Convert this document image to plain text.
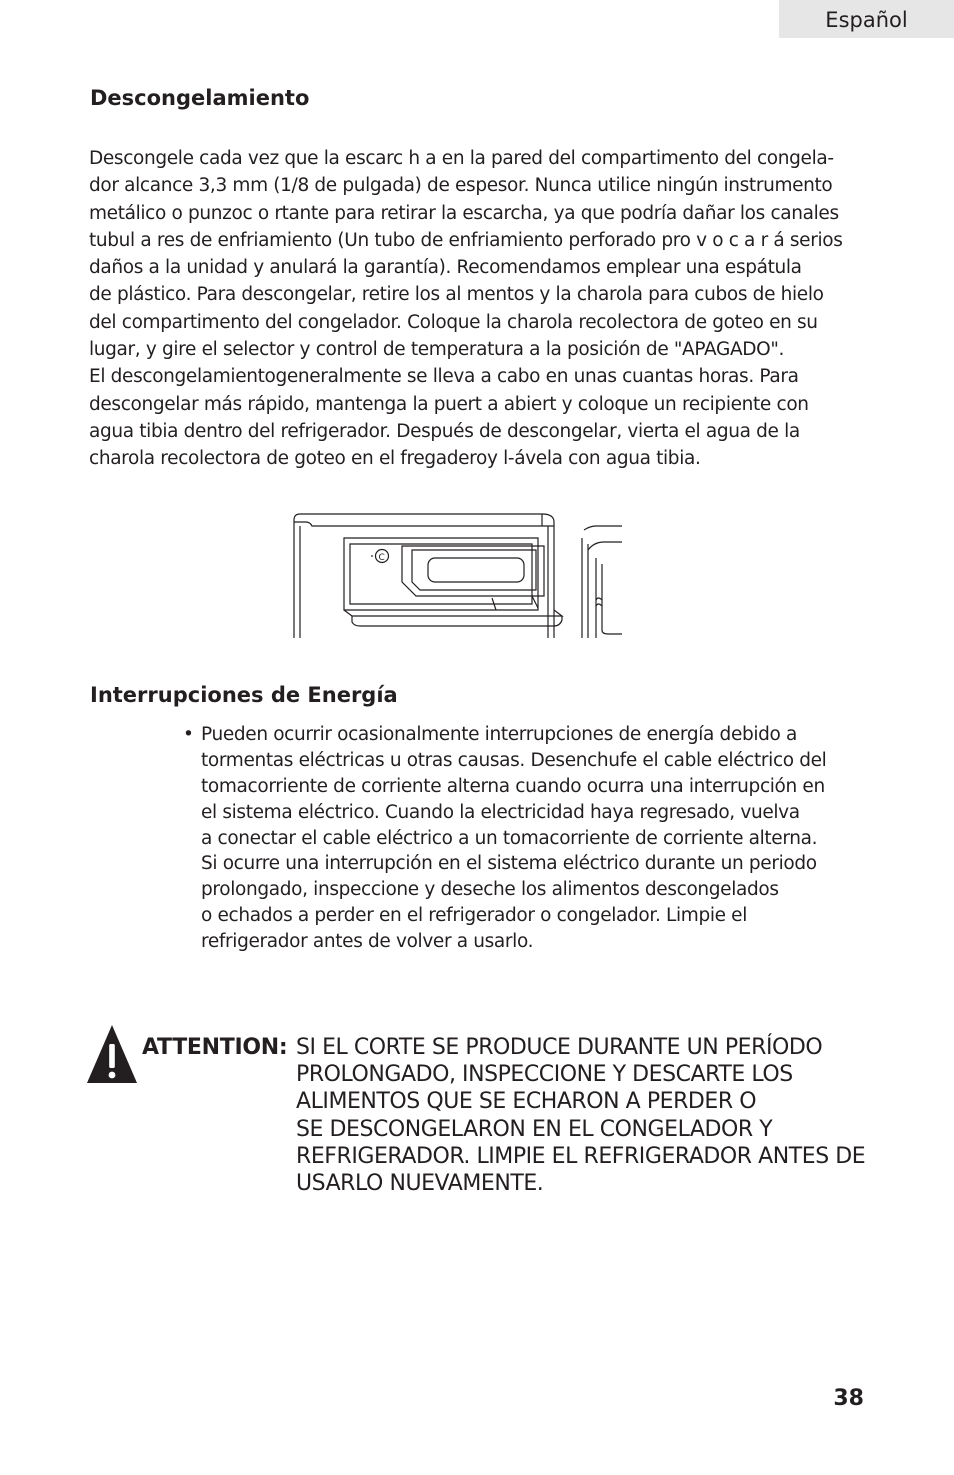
Español
Descongelamiento
Descongele cada vez que la escarc h a en la pared del compartimento del congela-
dor alcance 3,3 mm (1/8 de pulgada) de espesor. Nunca utilice ningún instrumento
metálico o punzoc o rtante para retirar la escarcha, ya que podría dañar los canales
tubul a res de enfriamiento (Un tubo de enfriamiento perforado pro v o c a r á serios
daños a la unidad y anulará la garantía). Recomendamos emplear una espátula
de plástico. Para descongelar, retire los al mentos y la charola para cubos de hielo
del compartimento del congelador. Coloque la charola recolectora de goteo en su
lugar, y gire el selector y control de temperatura a la posición de "APAGADO".
El descongelamientogeneralmente se lleva a cabo en unas cuantas horas. Para
descongelar más rápido, mantenga la puert a abiert y coloque un recipiente con
agua tibia dentro del refrigerador. Después de descongelar, vierta el agua de la
charola recolectora de goteo en el fregaderoy l-ávela con agua tibia.
C
Interrupciones de Energía
• Pueden ocurrir ocasionalmente interrupciones de energía debido a
tormentas eléctricas u otras causas. Desenchufe el cable eléctrico del
tomacorriente de corriente alterna cuando ocurra una interrupción en
el sistema eléctrico. Cuando la electricidad haya regresado, vuelva
a conectar el cable eléctrico a un tomacorriente de corriente alterna.
Si ocurre una interrupción en el sistema eléctrico durante un periodo
prolongado, inspeccione y deseche los alimentos descongelados
o echados a perder en el refrigerador o congelador. Limpie el
refrigerador antes de volver a usarlo.
ATTENTION: SI EL CORTE SE PRODUCE DURANTE UN PERÍODO
PROLONGADO, INSPECCIONE Y DESCARTE LOS
ALIMENTOS QUE SE ECHARON A PERDER O
SE DESCONGELARON EN EL CONGELADOR Y
REFRIGERADOR. LIMPIE EL REFRIGERADOR ANTES DE
USARLO NUEVAMENTE.
38
